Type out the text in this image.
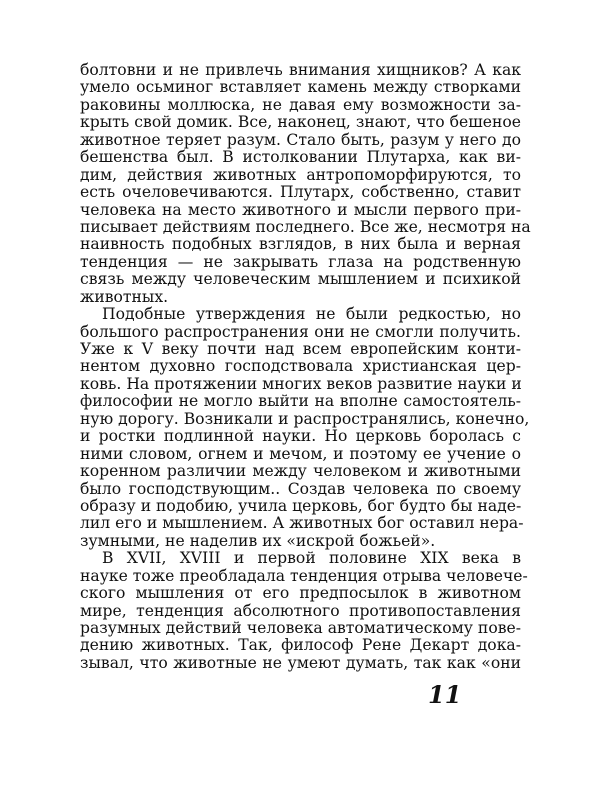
болтовни и не привлечь внимания хищников? А как
умело осьминог вставляет камень между створками
раковины моллюска, не давая ему возможности за-
крыть свой домик. Все, наконец, знают, что бешеное
животное теряет разум. Стало быть, разум у него до
бешенства был. В истолковании Плутарха, как ви-
дим, действия животных антропоморфируются, то
есть очеловечиваются. Плутарх, собственно, ставит
человека на место животного и мысли первого при-
писывает действиям последнего. Все же, несмотря на
наивность подобных взглядов, в них была и верная
тенденция — не закрывать глаза на родственную
связь между человеческим мышлением и психикой
животных.
Подобные утверждения не были редкостью, но
большого распространения они не смогли получить.
Уже к V веку почти над всем европейским конти-
нентом духовно господствовала христианская цер-
ковь. На протяжении многих веков развитие науки и
философии не могло выйти на вполне самостоятель-
ную дорогу. Возникали и распространялись, конечно,
и ростки подлинной науки. Но церковь боролась с
ними словом, огнем и мечом, и поэтому ее учение о
коренном различии между человеком и животными
было господствующим.. Создав человека по своему
образу и подобию, учила церковь, бог будто бы наде-
лил его и мышлением. А животных бог оставил нера-
зумными, не наделив их «искрой божьей».
В XVII, XVIII и первой половине XIX века в
науке тоже преобладала тенденция отрыва человече-
ского мышления от его предпосылок в животном
мире, тенденция абсолютного противопоставления
разумных действий человека автоматическому пове-
дению животных. Так, философ Рене Декарт дока-
зывал, что животные не умеют думать, так как «они
11
